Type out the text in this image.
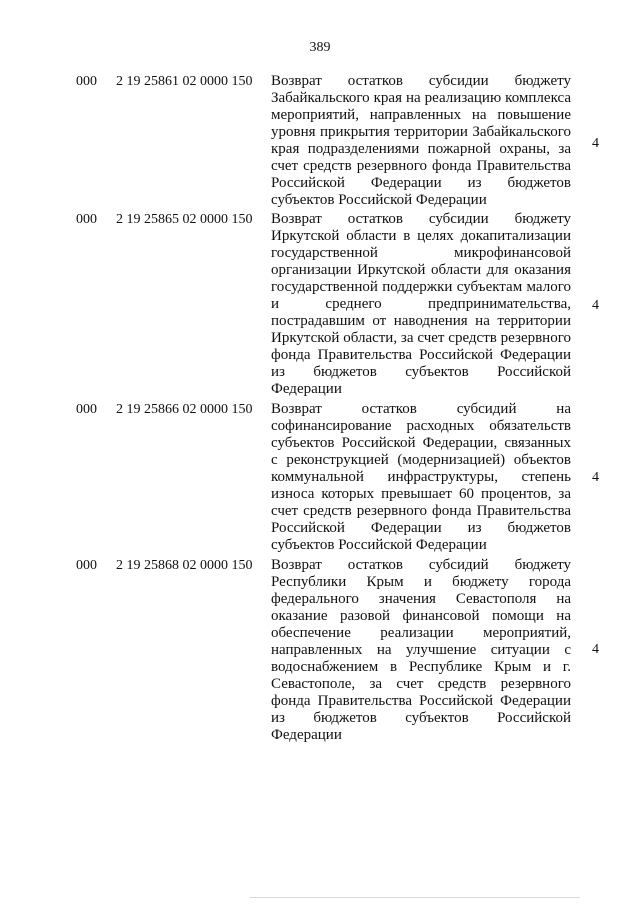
389
000 2 19 25861 02 0000 150 Возврат остатков субсидии бюджету Забайкальского края на реализацию комплекса мероприятий, направленных на повышение уровня прикрытия территории Забайкальского края подразделениями пожарной охраны, за счет средств резервного фонда Правительства Российской Федерации из бюджетов субъектов Российской Федерации
4
000 2 19 25865 02 0000 150 Возврат остатков субсидии бюджету Иркутской области в целях докапитализации государственной микрофинансовой организации Иркутской области для оказания государственной поддержки субъектам малого и среднего предпринимательства, пострадавшим от наводнения на территории Иркутской области, за счет средств резервного фонда Правительства Российской Федерации из бюджетов субъектов Российской Федерации
4
000 2 19 25866 02 0000 150 Возврат остатков субсидий на софинансирование расходных обязательств субъектов Российской Федерации, связанных с реконструкцией (модернизацией) объектов коммунальной инфраструктуры, степень износа которых превышает 60 процентов, за счет средств резервного фонда Правительства Российской Федерации из бюджетов субъектов Российской Федерации
4
000 2 19 25868 02 0000 150 Возврат остатков субсидий бюджету Республики Крым и бюджету города федерального значения Севастополя на оказание разовой финансовой помощи на обеспечение реализации мероприятий, направленных на улучшение ситуации с водоснабжением в Республике Крым и г. Севастополе, за счет средств резервного фонда Правительства Российской Федерации из бюджетов субъектов Российской Федерации
4
